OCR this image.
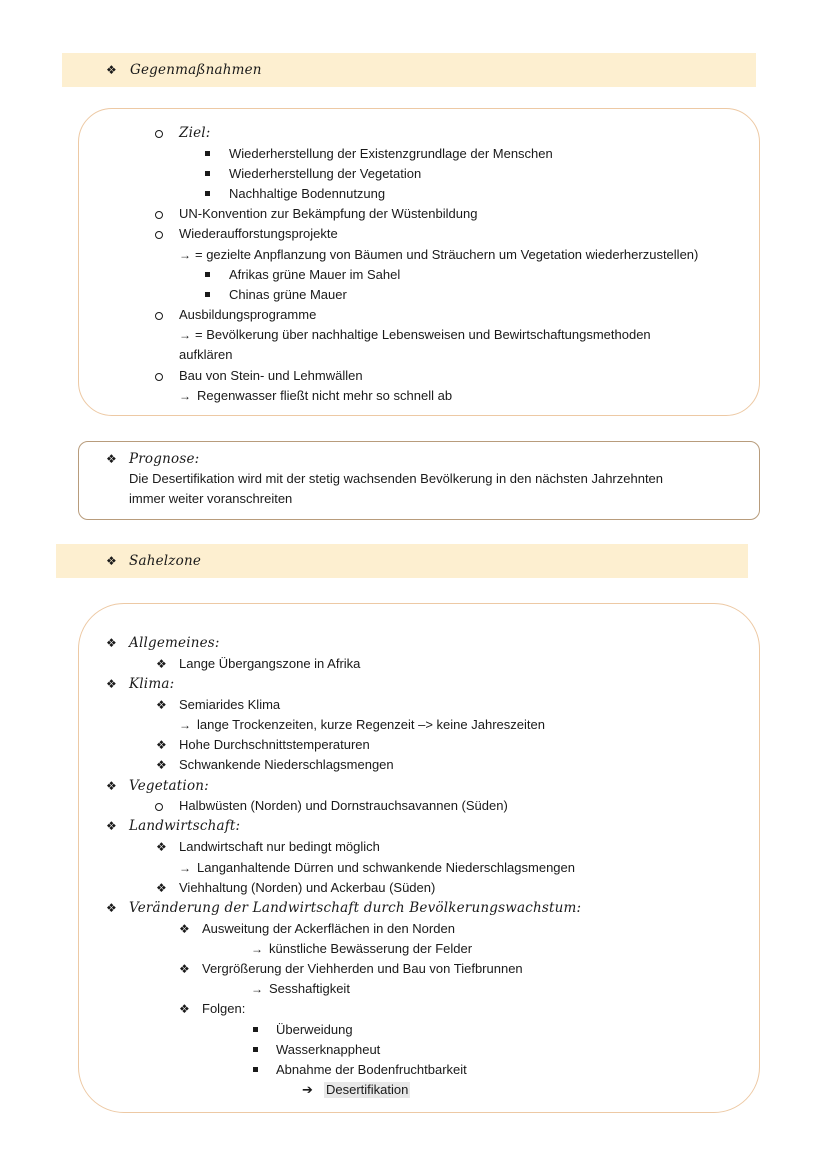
❖ Gegenmaßnahmen
Ziel:
Wiederherstellung der Existenzgrundlage der Menschen
Wiederherstellung der Vegetation
Nachhaltige Bodennutzung
UN-Konvention zur Bekämpfung der Wüstenbildung
Wiederaufforstungsprojekte
→ = gezielte Anpflanzung von Bäumen und Sträuchern um Vegetation wiederherzustellen)
Afrikas grüne Mauer im Sahel
Chinas grüne Mauer
Ausbildungsprogramme
→ = Bevölkerung über nachhaltige Lebensweisen und Bewirtschaftungsmethoden
aufklären
Bau von Stein- und Lehmwällen
→ Regenwasser fließt nicht mehr so schnell ab
❖ Prognose:
Die Desertifikation wird mit der stetig wachsenden Bevölkerung in den nächsten Jahrzehnten
immer weiter voranschreiten
❖ Sahelzone
❖ Allgemeines:
❖ Lange Übergangszone in Afrika
❖ Klima:
❖ Semiarides Klima
→ lange Trockenzeiten, kurze Regenzeit –> keine Jahreszeiten
❖ Hohe Durchschnittstemperaturen
❖ Schwankende Niederschlagsmengen
❖ Vegetation:
Halbwüsten (Norden) und Dornstrauchsavannen (Süden)
❖ Landwirtschaft:
❖ Landwirtschaft nur bedingt möglich
→ Langanhaltende Dürren und schwankende Niederschlagsmengen
❖ Viehhaltung (Norden) und Ackerbau (Süden)
❖ Veränderung der Landwirtschaft durch Bevölkerungswachstum:
❖ Ausweitung der Ackerflächen in den Norden
→ künstliche Bewässerung der Felder
❖ Vergrößerung der Viehherden und Bau von Tiefbrunnen
→ Sesshaftigkeit
❖ Folgen:
Überweidung
Wasserknappheut
Abnahme der Bodenfruchtbarkeit
➔ Desertifikation
